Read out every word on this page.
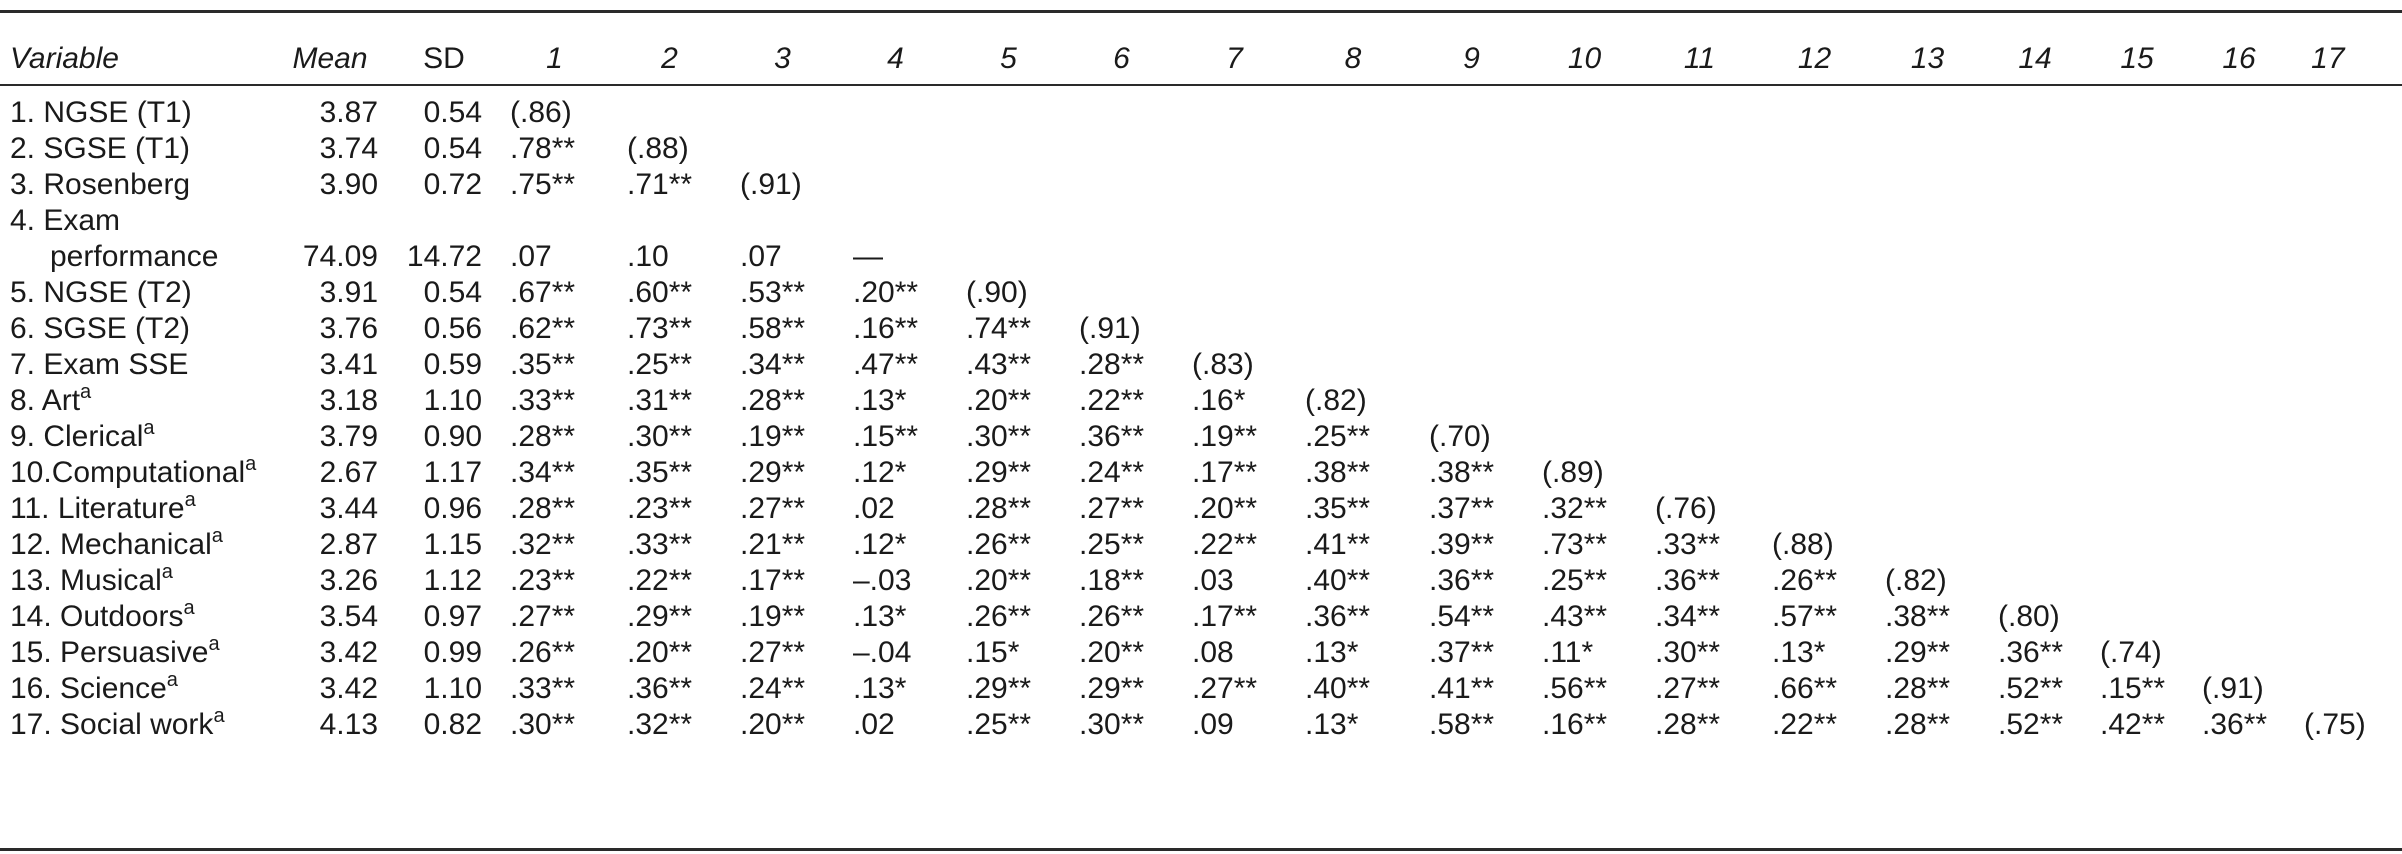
Variable	Mean	SD	1	2	3	4	5	6	7	8	9	10	11	12	13	14	15	16	17
1. NGSE (T1)	3.87	0.54	(.86)																
2. SGSE (T1)	3.74	0.54	.78**	(.88)															
3. Rosenberg	3.90	0.72	.75**	.71**	(.91)														
4. Exam																			
performance	74.09	14.72	.07	.10	.07	—													
5. NGSE (T2)	3.91	0.54	.67**	.60**	.53**	.20**	(.90)												
6. SGSE (T2)	3.76	0.56	.62**	.73**	.58**	.16**	.74**	(.91)											
7. Exam SSE	3.41	0.59	.35**	.25**	.34**	.47**	.43**	.28**	(.83)										
8. Art$^a$	3.18	1.10	.33**	.31**	.28**	.13*	.20**	.22**	.16*	(.82)									
9. Clerical$^a$	3.79	0.90	.28**	.30**	.19**	.15**	.30**	.36**	.19**	.25**	(.70)								
10.Computational$^a$	2.67	1.17	.34**	.35**	.29**	.12*	.29**	.24**	.17**	.38**	.38**	(.89)							
11. Literature$^a$	3.44	0.96	.28**	.23**	.27**	.02	.28**	.27**	.20**	.35**	.37**	.32**	(.76)						
12. Mechanical$^a$	2.87	1.15	.32**	.33**	.21**	.12*	.26**	.25**	.22**	.41**	.39**	.73**	.33**	(.88)					
13. Musical$^a$	3.26	1.12	.23**	.22**	.17**	–.03	.20**	.18**	.03	.40**	.36**	.25**	.36**	.26**	(.82)				
14. Outdoors$^a$	3.54	0.97	.27**	.29**	.19**	.13*	.26**	.26**	.17**	.36**	.54**	.43**	.34**	.57**	.38**	(.80)			
15. Persuasive$^a$	3.42	0.99	.26**	.20**	.27**	–.04	.15*	.20**	.08	.13*	.37**	.11*	.30**	.13*	.29**	.36**	(.74)		
16. Science$^a$	3.42	1.10	.33**	.36**	.24**	.13*	.29**	.29**	.27**	.40**	.41**	.56**	.27**	.66**	.28**	.52**	.15**	(.91)	
17. Social work$^a$	4.13	0.82	.30**	.32**	.20**	.02	.25**	.30**	.09	.13*	.58**	.16**	.28**	.22**	.28**	.52**	.42**	.36**	(.75)
